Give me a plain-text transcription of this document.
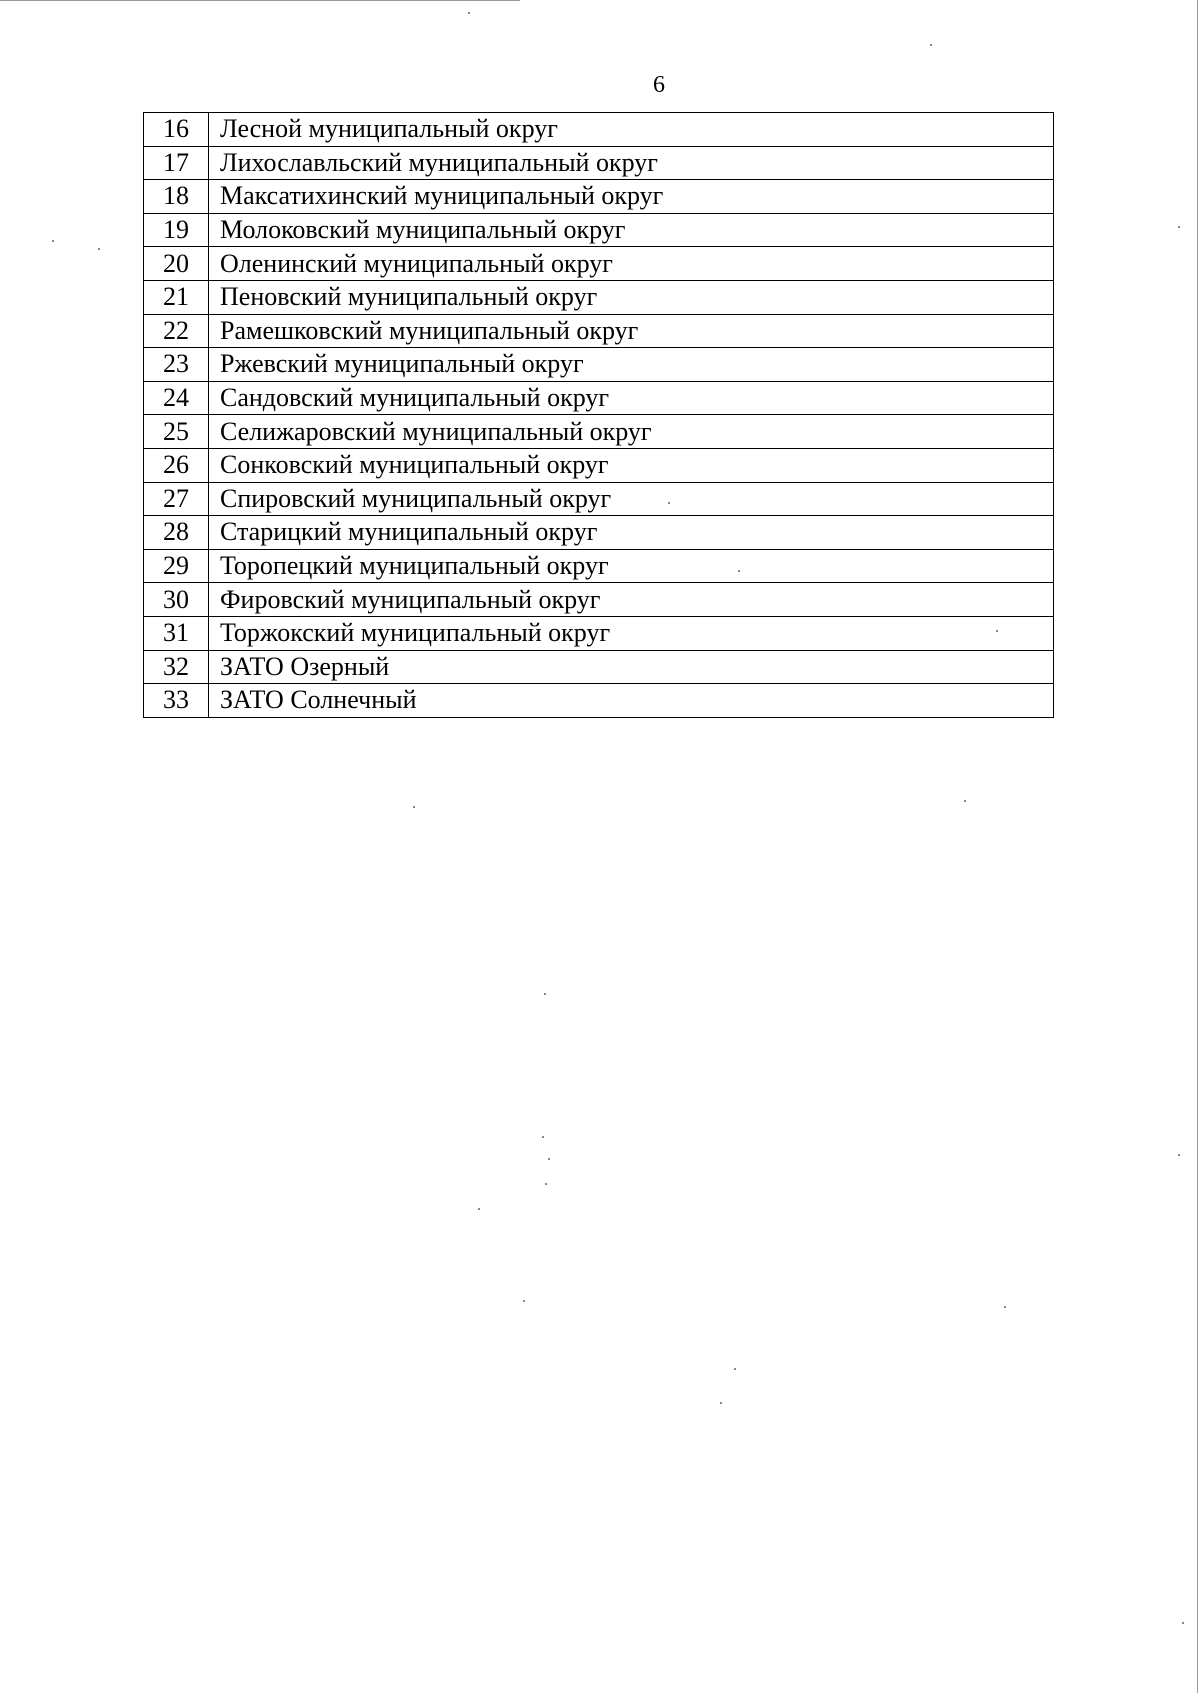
6
16	Лесной муниципальный округ
17	Лихославльский муниципальный округ
18	Максатихинский муниципальный округ
19	Молоковский муниципальный округ
20	Оленинский муниципальный округ
21	Пеновский муниципальный округ
22	Рамешковский муниципальный округ
23	Ржевский муниципальный округ
24	Сандовский муниципальный округ
25	Селижаровский муниципальный округ
26	Сонковский муниципальный округ
27	Спировский муниципальный округ
28	Старицкий муниципальный округ
29	Торопецкий муниципальный округ
30	Фировский муниципальный округ
31	Торжокский муниципальный округ
32	ЗАТО Озерный
33	ЗАТО Солнечный
